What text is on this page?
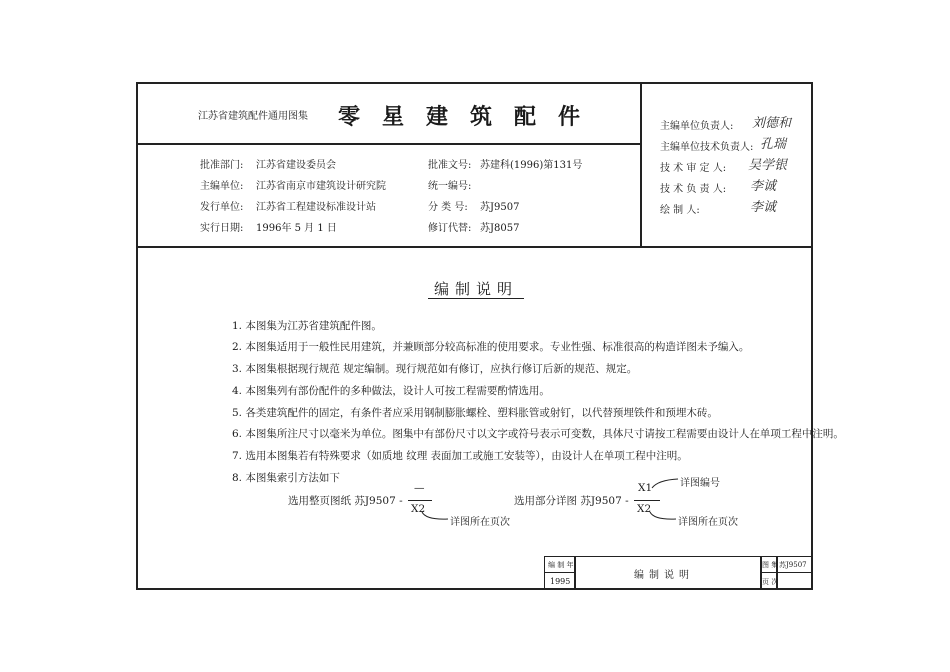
江苏省建筑配件通用图集 零星建筑配件
批准部门: 江苏省建设委员会
主编单位: 江苏省南京市建筑设计研究院
发行单位: 江苏省工程建设标准设计站
实行日期: 1996年 5 月 1 日
批准文号: 苏建科(1996)第131号
统一编号:
分 类 号: 苏J9507
修订代替: 苏J8057
主编单位负责人: 刘德和
主编单位技术负责人: 孔瑞
技 术 审 定 人: 吴学银
技 术 负 责 人: 李诚
绘 制 人:	李诚
编制说明
1. 本图集为江苏省建筑配件图。
2. 本图集适用于一般性民用建筑，并兼顾部分较高标准的使用要求。专业性强、标准很高的构造详图未予编入。
3. 本图集根据现行规范 规定编制。现行规范如有修订，应执行修订后新的规范、规定。
4. 本图集列有部份配件的多种做法，设计人可按工程需要酌情选用。
5. 各类建筑配件的固定，有条件者应采用钢制膨胀螺栓、塑料胀管或射钉，以代替预埋铁件和预埋木砖。
6. 本图集所注尺寸以毫米为单位。图集中有部份尺寸以文字或符号表示可变数，具体尺寸请按工程需要由设计人在单项工程中注明。
7. 选用本图集若有特殊要求（如质地 纹理 表面加工或施工安装等），由设计人在单项工程中注明。
8. 本图集索引方法如下
选用整页图纸 苏J9507 -
—
X2
详图所在页次
选用部分详图 苏J9507 -
X1
X2
详图编号
详图所在页次
编 制 年
1995
编制说明
图 集 苏J9507
页 次
